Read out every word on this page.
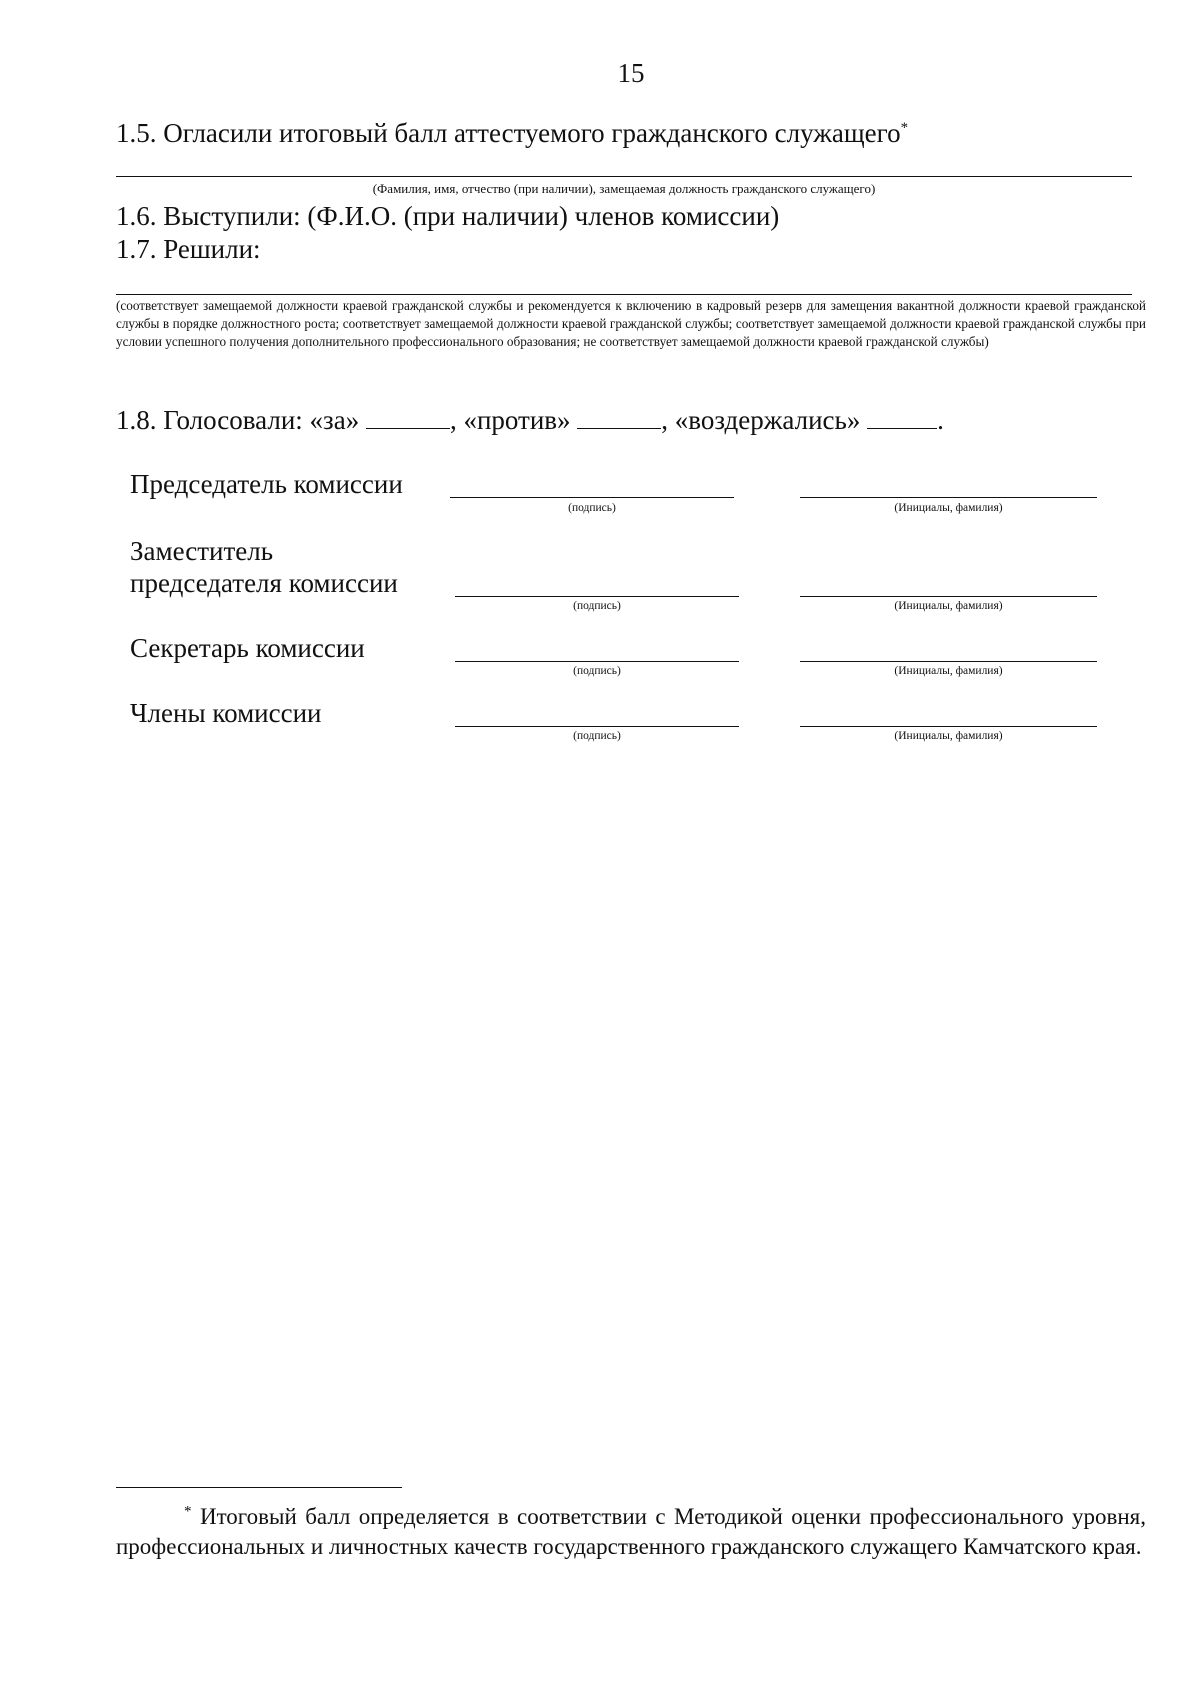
15
1.5. Огласили итоговый балл аттестуемого гражданского служащего*
(Фамилия, имя, отчество (при наличии), замещаемая должность гражданского служащего)
1.6. Выступили: (Ф.И.О. (при наличии) членов комиссии)
1.7. Решили:
(соответствует замещаемой должности краевой гражданской службы и рекомендуется к включению в кадровый резерв для замещения вакантной должности краевой гражданской службы в порядке должностного роста; соответствует замещаемой должности краевой гражданской службы; соответствует замещаемой должности краевой гражданской службы при условии успешного получения дополнительного профессионального образования; не соответствует замещаемой должности краевой гражданской службы)
1.8. Голосовали: «за»	, «против»	, «воздержались»	.
Председатель комиссии
(подпись)	(Инициалы, фамилия)
Заместитель
председателя комиссии
(подпись)	(Инициалы, фамилия)
Секретарь комиссии
(подпись)	(Инициалы, фамилия)
Члены комиссии
(подпись)	(Инициалы, фамилия)
* Итоговый балл определяется в соответствии с Методикой оценки профессионального уровня, профессиональных и личностных качеств государственного гражданского служащего Камчатского края.
